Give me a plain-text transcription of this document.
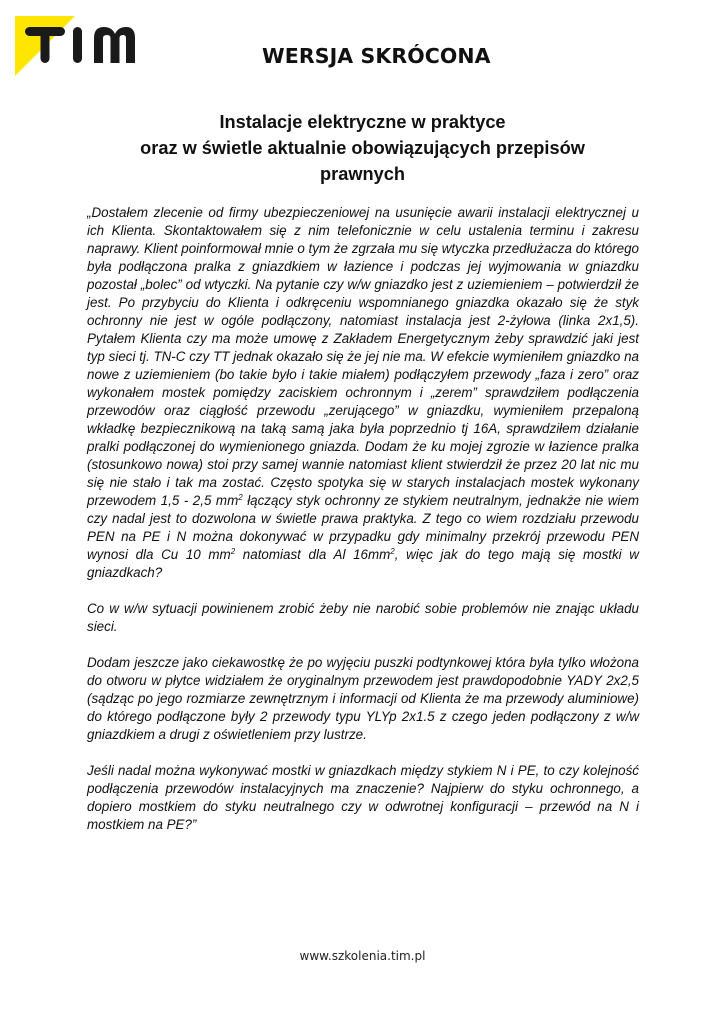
WERSJA SKRÓCONA
Instalacje elektryczne w praktyce
oraz w świetle aktualnie obowiązujących przepisów
prawnych

„Dostałem zlecenie od firmy ubezpieczeniowej na usunięcie awarii instalacji elektrycznej u ich Klienta. Skontaktowałem się z nim telefonicznie w celu ustalenia terminu i zakresu naprawy. Klient poinformował mnie o tym że zgrzała mu się wtyczka przedłużacza do którego była podłączona pralka z gniazdkiem w łazience i podczas jej wyjmowania w gniazdku pozostał „bolec” od wtyczki. Na pytanie czy w/w gniazdko jest z uziemieniem – potwierdził że jest. Po przybyciu do Klienta i odkręceniu wspomnianego gniazdka okazało się że styk ochronny nie jest w ogóle podłączony, natomiast instalacja jest 2-żyłowa (linka 2x1,5). Pytałem Klienta czy ma może umowę z Zakładem Energetycznym żeby sprawdzić jaki jest typ sieci tj. TN-C czy TT jednak okazało się że jej nie ma. W efekcie wymieniłem gniazdko na nowe z uziemieniem (bo takie było i takie miałem) podłączyłem przewody „faza i zero” oraz wykonałem mostek pomiędzy zaciskiem ochronnym i „zerem” sprawdziłem podłączenia przewodów oraz ciągłość przewodu „zerującego” w gniazdku, wymieniłem przepaloną wkładkę bezpiecznikową na taką samą jaka była poprzednio tj 16A, sprawdziłem działanie pralki podłączonej do wymienionego gniazda. Dodam że ku mojej zgrozie w łazience pralka (stosunkowo nowa) stoi przy samej wannie natomiast klient stwierdził że przez 20 lat nic mu się nie stało i tak ma zostać. Często spotyka się w starych instalacjach mostek wykonany przewodem 1,5 - 2,5 $mm^2$ łączący styk ochronny ze stykiem neutralnym, jednakże nie wiem czy nadal jest to dozwolona w świetle prawa praktyka. Z tego co wiem rozdziału przewodu PEN na PE i N można dokonywać w przypadku gdy minimalny przekrój przewodu PEN wynosi dla Cu 10 $mm^2$ natomiast dla Al $16mm^2$, więc jak do tego mają się mostki w gniazdkach?

Co w w/w sytuacji powinienem zrobić żeby nie narobić sobie problemów nie znając układu sieci.

Dodam jeszcze jako ciekawostkę że po wyjęciu puszki podtynkowej która była tylko włożona do otworu w płytce widziałem że oryginalnym przewodem jest prawdopodobnie YADY 2x2,5 (sądząc po jego rozmiarze zewnętrznym i informacji od Klienta że ma przewody aluminiowe) do którego podłączone były 2 przewody typu YLYp 2x1.5 z czego jeden podłączony z w/w gniazdkiem a drugi z oświetleniem przy lustrze.

Jeśli nadal można wykonywać mostki w gniazdkach między stykiem N i PE, to czy kolejność podłączenia przewodów instalacyjnych ma znaczenie? Najpierw do styku ochronnego, a dopiero mostkiem do styku neutralnego czy w odwrotnej konfiguracji – przewód na N i mostkiem na PE?”

www.szkolenia.tim.pl
